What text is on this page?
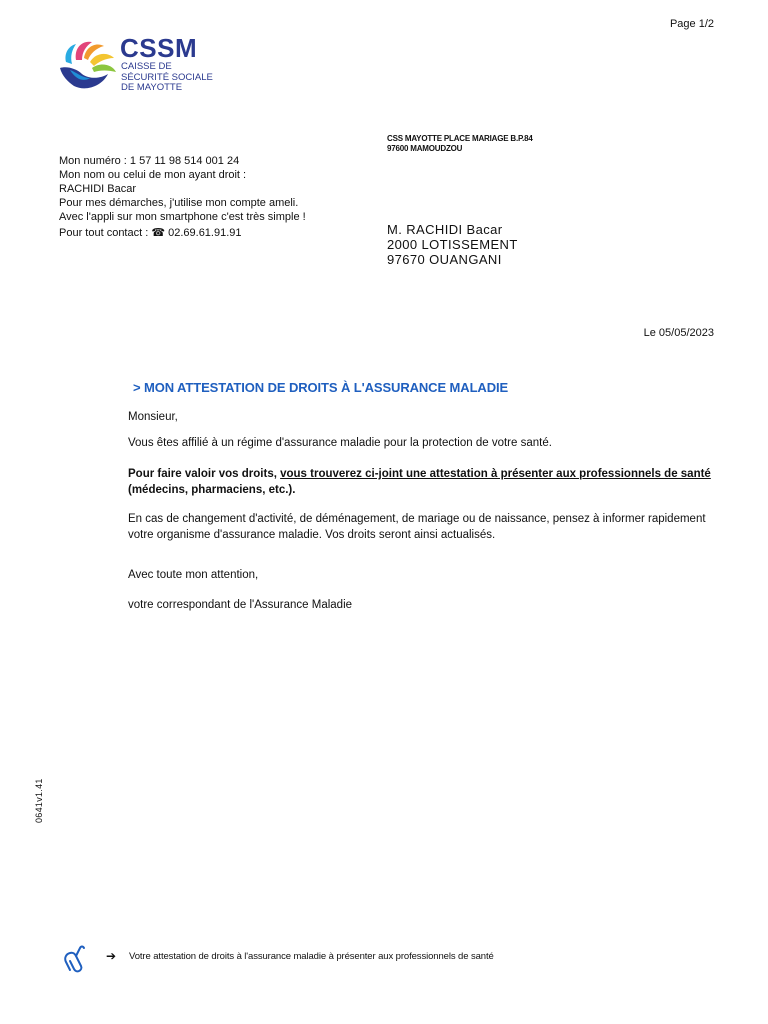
CSSM
CAISSE DE
SÉCURITÉ SOCIALE
DE MAYOTTE
Page 1/2
CSS MAYOTTE PLACE MARIAGE B.P.84
97600 MAMOUDZOU
Mon numéro : 1 57 11 98 514 001 24
Mon nom ou celui de mon ayant droit :
RACHIDI Bacar
Pour mes démarches, j'utilise mon compte ameli.
Avec l'appli sur mon smartphone c'est très simple !
Pour tout contact : ☎ 02.69.61.91.91	M. RACHIDI Bacar
2000 LOTISSEMENT
97670 OUANGANI
Le 05/05/2023
> MON ATTESTATION DE DROITS À L'ASSURANCE MALADIE
Monsieur,
Vous êtes affilié à un régime d'assurance maladie pour la protection de votre santé.
Pour faire valoir vos droits, vous trouverez ci-joint une attestation à présenter aux professionnels de santé (médecins, pharmaciens, etc.).
En cas de changement d'activité, de déménagement, de mariage ou de naissance, pensez à informer rapidement votre organisme d'assurance maladie. Vos droits seront ainsi actualisés.
Avec toute mon attention,
votre correspondant de l'Assurance Maladie
0641v1.41
➔ Votre attestation de droits à l'assurance maladie à présenter aux professionnels de santé
